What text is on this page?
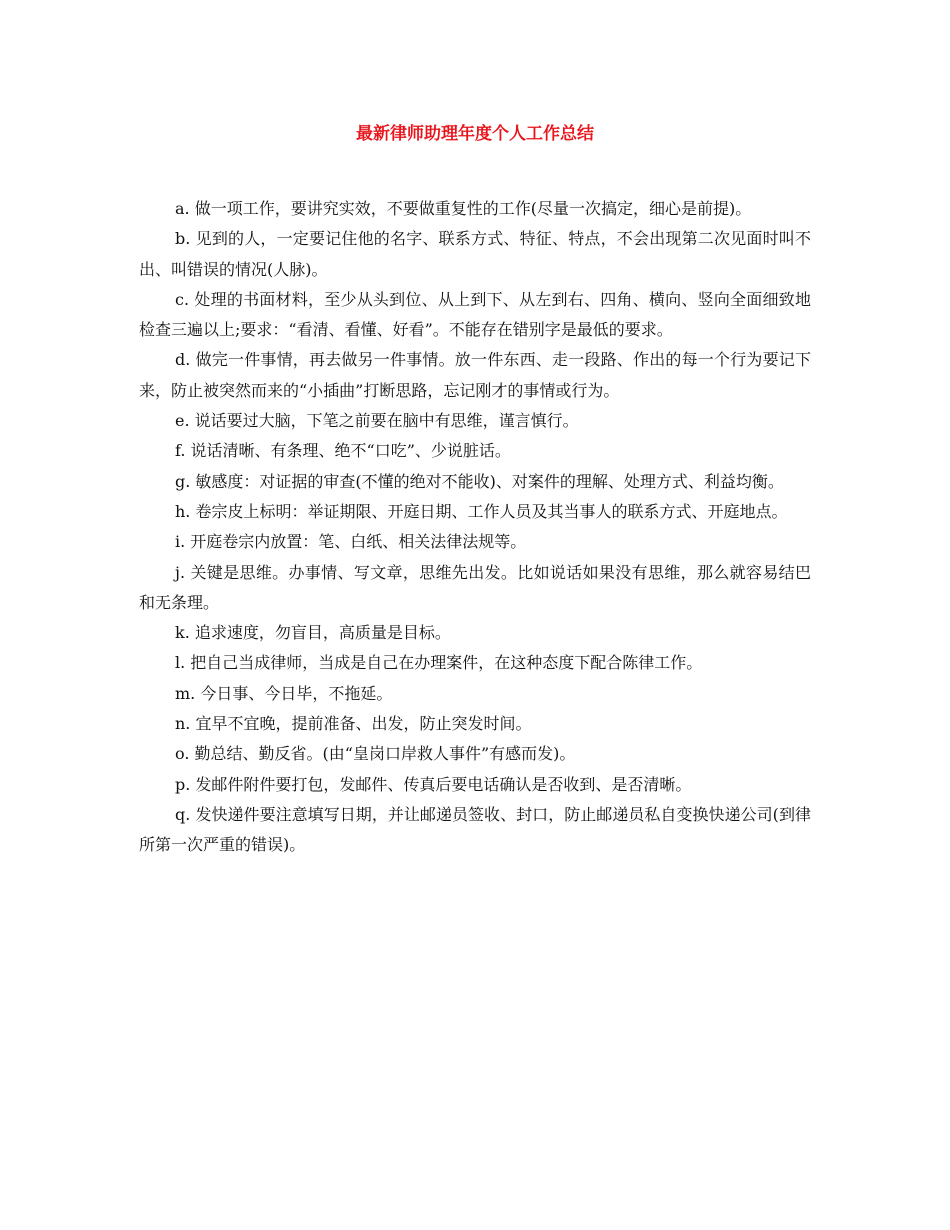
最新律师助理年度个人工作总结

a. 做一项工作，要讲究实效，不要做重复性的工作(尽量一次搞定，细心是前提)。

b. 见到的人，一定要记住他的名字、联系方式、特征、特点，不会出现第二次见面时叫不出、叫错误的情况(人脉)。

c. 处理的书面材料，至少从头到位、从上到下、从左到右、四角、横向、竖向全面细致地检查三遍以上;要求：“看清、看懂、好看”。不能存在错别字是最低的要求。

d. 做完一件事情，再去做另一件事情。放一件东西、走一段路、作出的每一个行为要记下来，防止被突然而来的“小插曲”打断思路，忘记刚才的事情或行为。

e. 说话要过大脑，下笔之前要在脑中有思维，谨言慎行。

f. 说话清晰、有条理、绝不“口吃”、少说脏话。

g. 敏感度：对证据的审查(不懂的绝对不能收)、对案件的理解、处理方式、利益均衡。

h. 卷宗皮上标明：举证期限、开庭日期、工作人员及其当事人的联系方式、开庭地点。

i. 开庭卷宗内放置：笔、白纸、相关法律法规等。

j. 关键是思维。办事情、写文章，思维先出发。比如说话如果没有思维，那么就容易结巴和无条理。

k. 追求速度，勿盲目，高质量是目标。

l. 把自己当成律师，当成是自己在办理案件，在这种态度下配合陈律工作。

m. 今日事、今日毕，不拖延。

n. 宜早不宜晚，提前准备、出发，防止突发时间。

o. 勤总结、勤反省。(由“皇岗口岸救人事件”有感而发)。

p. 发邮件附件要打包，发邮件、传真后要电话确认是否收到、是否清晰。

q. 发快递件要注意填写日期，并让邮递员签收、封口，防止邮递员私自变换快递公司(到律所第一次严重的错误)。
